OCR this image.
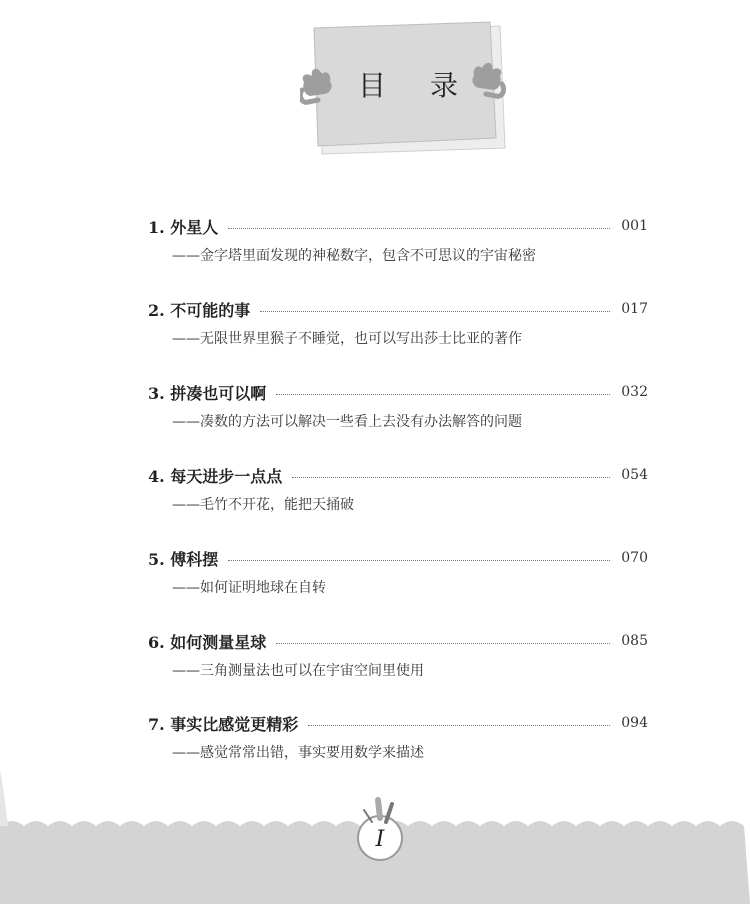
目 录
1. 外星人	001
——金字塔里面发现的神秘数字，包含不可思议的宇宙秘密
2. 不可能的事	017
——无限世界里猴子不睡觉，也可以写出莎士比亚的著作
3. 拼凑也可以啊	032
——凑数的方法可以解决一些看上去没有办法解答的问题
4. 每天进步一点点	054
——毛竹不开花，能把天捅破
5. 傅科摆	070
——如何证明地球在自转
6. 如何测量星球	085
——三角测量法也可以在宇宙空间里使用
7. 事实比感觉更精彩	094
——感觉常常出错，事实要用数学来描述
I
